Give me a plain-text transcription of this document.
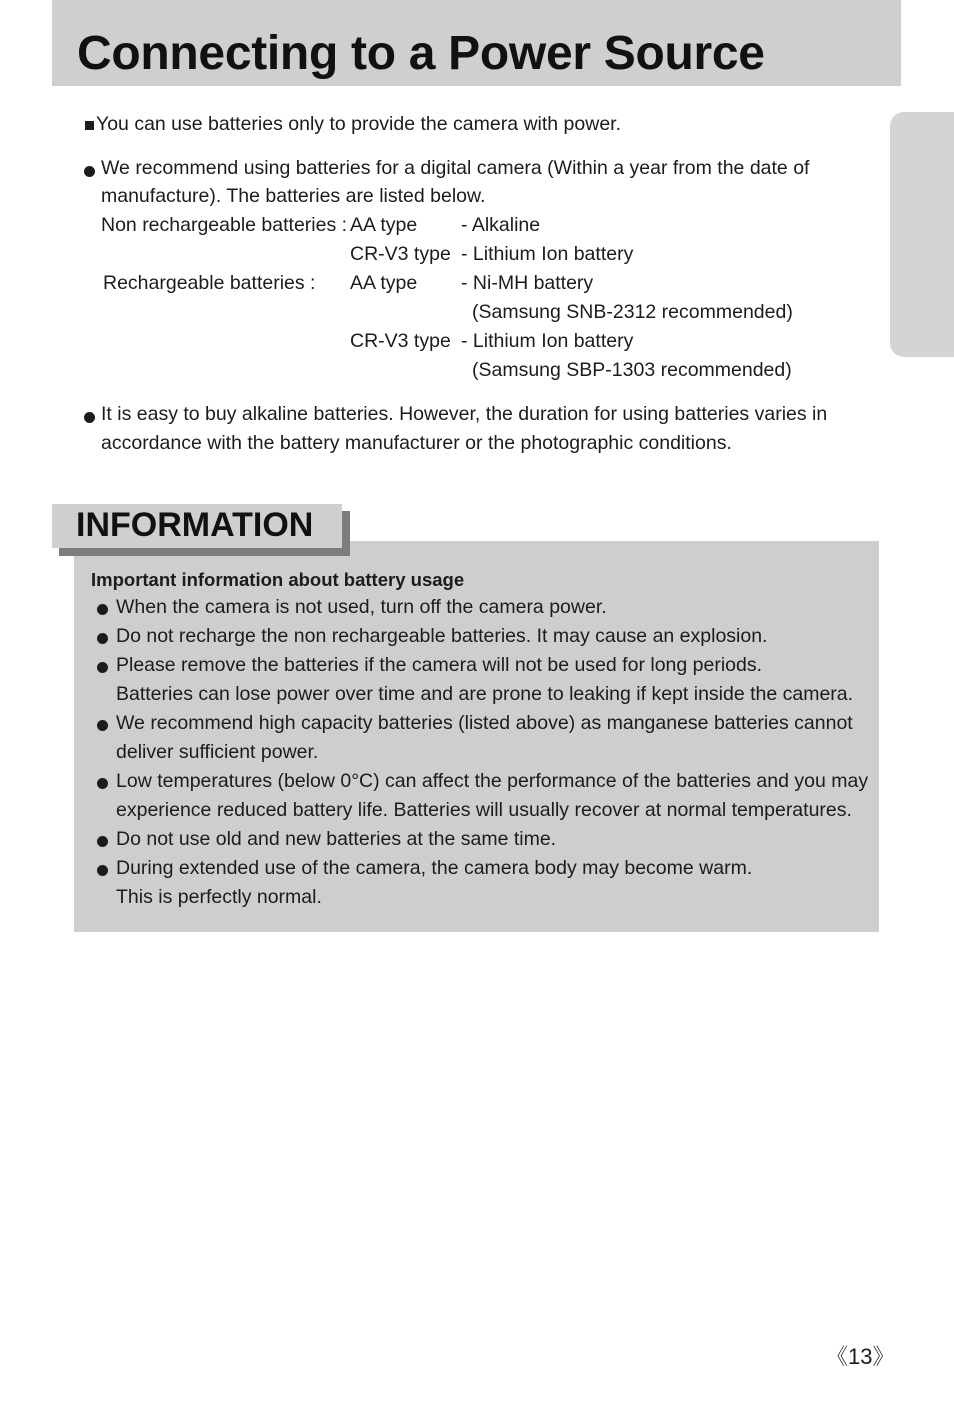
Connecting to a Power Source
You can use batteries only to provide the camera with power.
We recommend using batteries for a digital camera (Within a year from the date of
manufacture). The batteries are listed below.
Non rechargeable batteries : AA type - Alkaline
CR-V3 type - Lithium Ion battery
Rechargeable batteries : AA type - Ni-MH battery
(Samsung SNB-2312 recommended)
CR-V3 type - Lithium Ion battery
(Samsung SBP-1303 recommended)
It is easy to buy alkaline batteries. However, the duration for using batteries varies in
accordance with the battery manufacturer or the photographic conditions.
INFORMATION
Important information about battery usage
When the camera is not used, turn off the camera power.
Do not recharge the non rechargeable batteries. It may cause an explosion.
Please remove the batteries if the camera will not be used for long periods.
Batteries can lose power over time and are prone to leaking if kept inside the camera.
We recommend high capacity batteries (listed above) as manganese batteries cannot
deliver sufficient power.
Low temperatures (below 0°C) can affect the performance of the batteries and you may
experience reduced battery life. Batteries will usually recover at normal temperatures.
Do not use old and new batteries at the same time.
During extended use of the camera, the camera body may become warm.
This is perfectly normal.
《13》
